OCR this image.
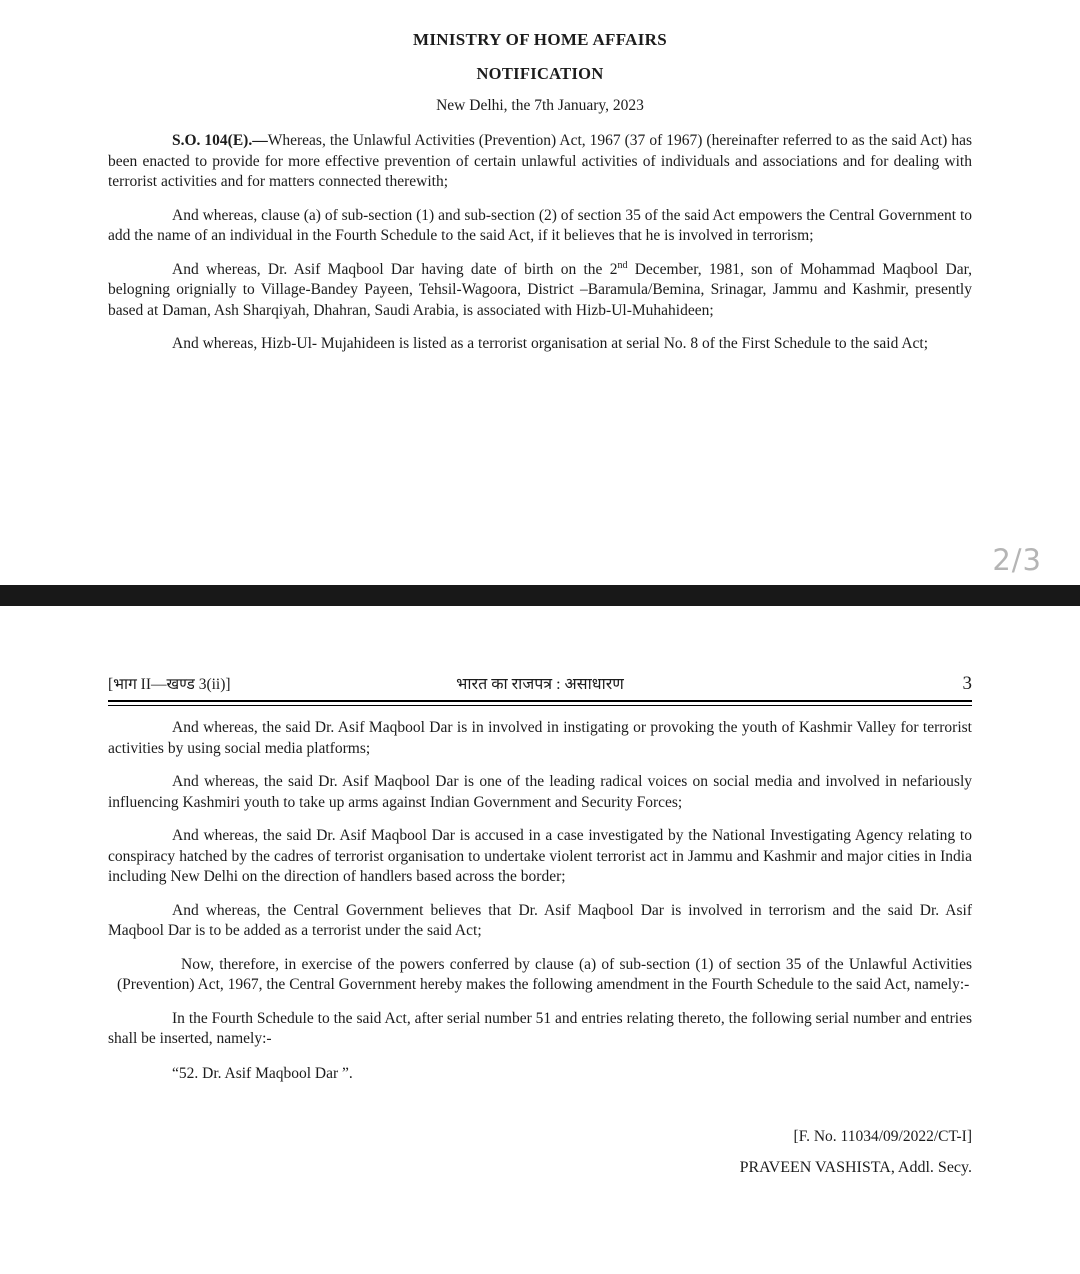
MINISTRY OF HOME AFFAIRS
NOTIFICATION
New Delhi, the 7th January, 2023

S.O. 104(E).—Whereas, the Unlawful Activities (Prevention) Act, 1967 (37 of 1967) (hereinafter referred to as the said Act) has been enacted to provide for more effective prevention of certain unlawful activities of individuals and associations and for dealing with terrorist activities and for matters connected therewith;

And whereas, clause (a) of sub-section (1) and sub-section (2) of section 35 of the said Act empowers the Central Government to add the name of an individual in the Fourth Schedule to the said Act, if it believes that he is involved in terrorism;

And whereas, Dr. Asif Maqbool Dar having date of birth on the 2nd December, 1981, son of Mohammad Maqbool Dar, belogning orignially to Village-Bandey Payeen, Tehsil-Wagoora, District –Baramula/Bemina, Srinagar, Jammu and Kashmir, presently based at Daman, Ash Sharqiyah, Dhahran, Saudi Arabia, is associated with Hizb-Ul-Muhahideen;

And whereas, Hizb-Ul- Mujahideen is listed as a terrorist organisation at serial No. 8 of the First Schedule to the said Act;

2/3
[भाग II—खण्ड 3(ii)]	भारत का राजपत्र : असाधारण	3

And whereas, the said Dr. Asif Maqbool Dar is in involved in instigating or provoking the youth of Kashmir Valley for terrorist activities by using social media platforms;

And whereas, the said Dr. Asif Maqbool Dar is one of the leading radical voices on social media and involved in nefariously influencing Kashmiri youth to take up arms against Indian Government and Security Forces;

And whereas, the said Dr. Asif Maqbool Dar is accused in a case investigated by the National Investigating Agency relating to conspiracy hatched by the cadres of terrorist organisation to undertake violent terrorist act in Jammu and Kashmir and major cities in India including New Delhi on the direction of handlers based across the border;

And whereas, the Central Government believes that Dr. Asif Maqbool Dar is involved in terrorism and the said Dr. Asif Maqbool Dar is to be added as a terrorist under the said Act;

Now, therefore, in exercise of the powers conferred by clause (a) of sub-section (1) of section 35 of the Unlawful Activities (Prevention) Act, 1967, the Central Government hereby makes the following amendment in the Fourth Schedule to the said Act, namely:-

In the Fourth Schedule to the said Act, after serial number 51 and entries relating thereto, the following serial number and entries shall be inserted, namely:-

“52. Dr. Asif Maqbool Dar ”.

[F. No. 11034/09/2022/CT-I]
PRAVEEN VASHISTA, Addl. Secy.
